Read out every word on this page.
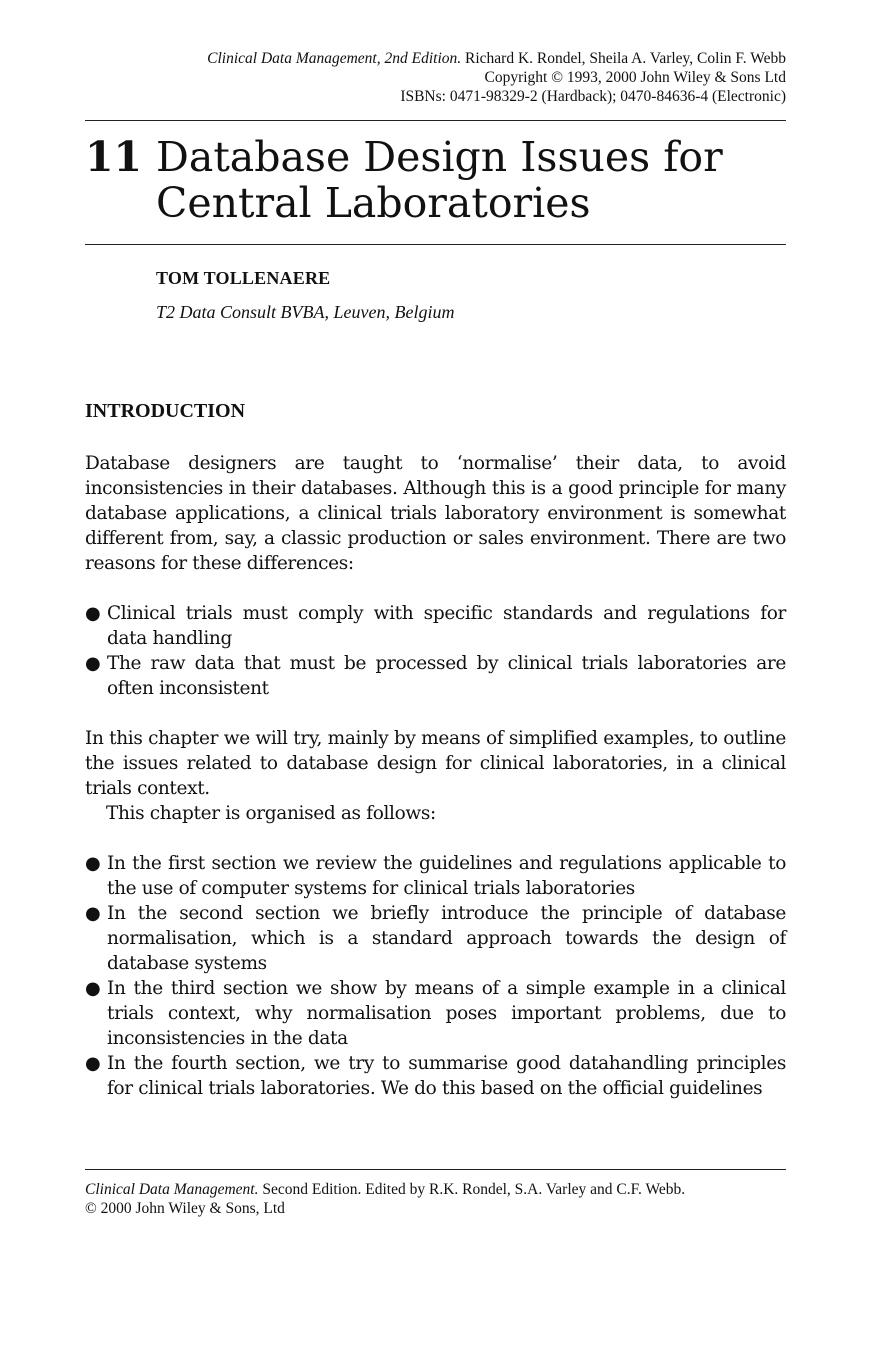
Clinical Data Management, 2nd Edition. Richard K. Rondel, Sheila A. Varley, Colin F. Webb
Copyright © 1993, 2000 John Wiley & Sons Ltd
ISBNs: 0471-98329-2 (Hardback); 0470-84636-4 (Electronic)
11 Database Design Issues for
Central Laboratories
TOM TOLLENAERE
T2 Data Consult BVBA, Leuven, Belgium
INTRODUCTION

Database designers are taught to ‘normalise’ their data, to avoid inconsistencies in their databases. Although this is a good principle for many database applications, a clinical trials laboratory environment is somewhat different from, say, a classic production or sales environment. There are two reasons for these differences:

● Clinical trials must comply with specific standards and regulations for data handling
● The raw data that must be processed by clinical trials laboratories are often inconsistent

In this chapter we will try, mainly by means of simplified examples, to outline the issues related to database design for clinical laboratories, in a clinical trials context.

This chapter is organised as follows:

● In the first section we review the guidelines and regulations applicable to the use of computer systems for clinical trials laboratories
● In the second section we briefly introduce the principle of database normalisation, which is a standard approach towards the design of database systems
● In the third section we show by means of a simple example in a clinical trials context, why normalisation poses important problems, due to inconsistencies in the data
● In the fourth section, we try to summarise good datahandling principles for clinical trials laboratories. We do this based on the official guidelines
Clinical Data Management. Second Edition. Edited by R.K. Rondel, S.A. Varley and C.F. Webb.
© 2000 John Wiley & Sons, Ltd
